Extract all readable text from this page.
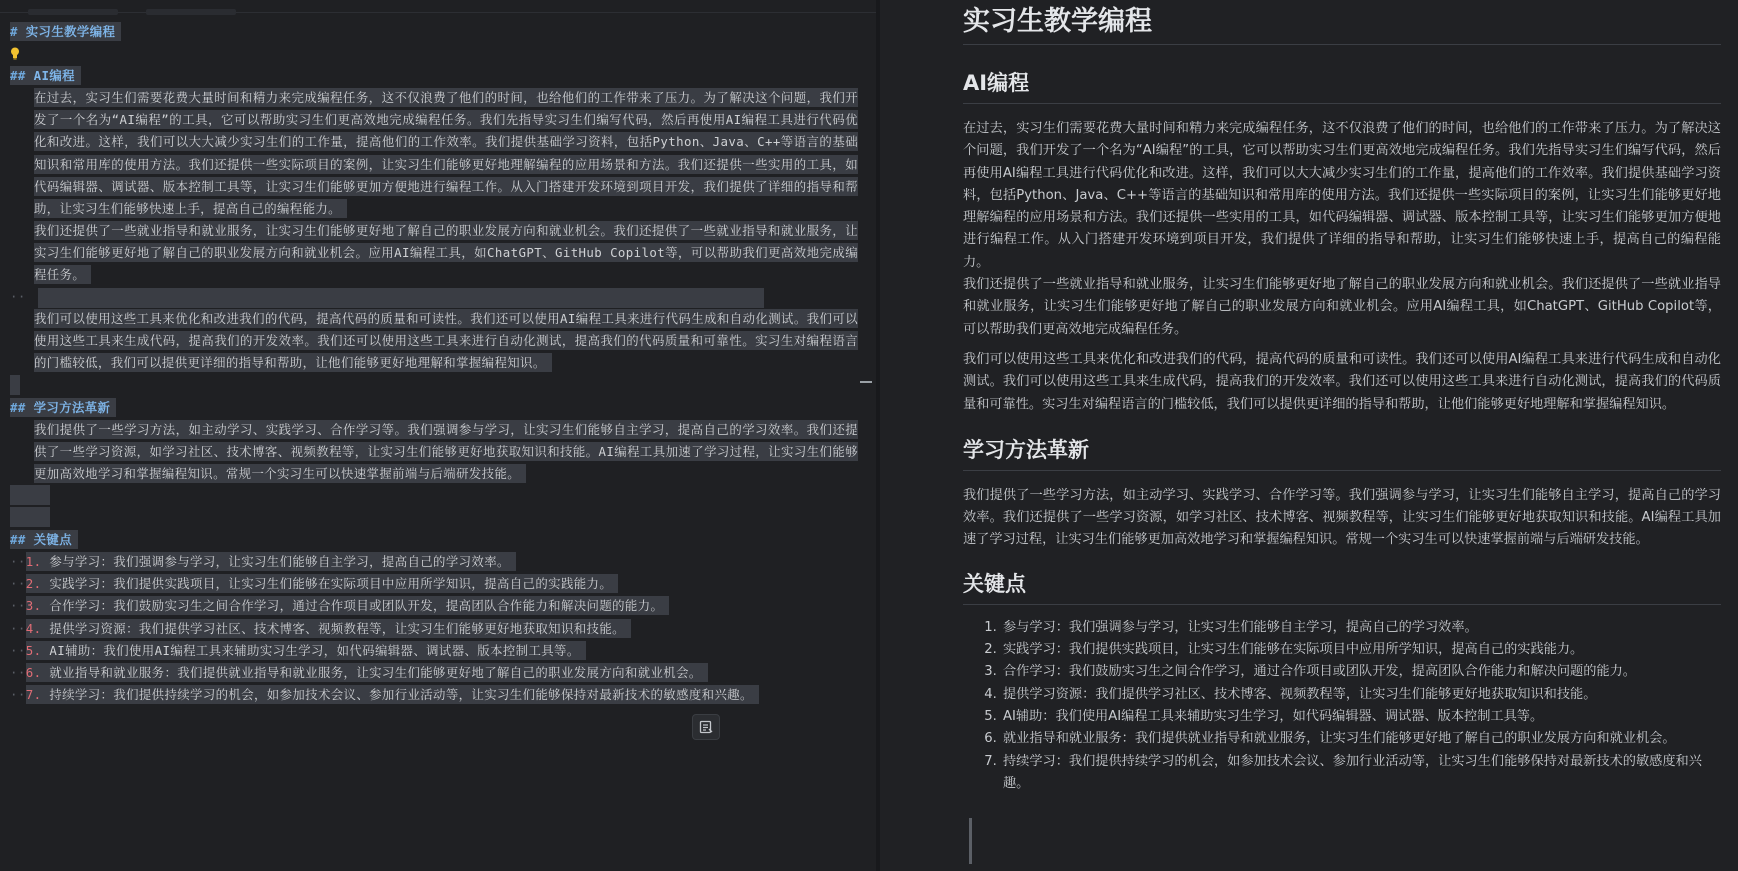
# 实习生教学编程
## AI编程
在过去，实习生们需要花费大量时间和精力来完成编程任务，这不仅浪费了他们的时间，也给他们的工作带来了压力。为了解决这个问题，我们开发了一个名为“AI编程”的工具，它可以帮助实习生们更高效地完成编程任务。我们先指导实习生们编写代码，然后再使用AI编程工具进行代码优化和改进。这样，我们可以大大减少实习生们的工作量，提高他们的工作效率。我们提供基础学习资料，包括Python、Java、C++等语言的基础知识和常用库的使用方法。我们还提供一些实际项目的案例，让实习生们能够更好地理解编程的应用场景和方法。我们还提供一些实用的工具，如代码编辑器、调试器、版本控制工具等，让实习生们能够更加方便地进行编程工作。从入门搭建开发环境到项目开发，我们提供了详细的指导和帮助，让实习生们能够快速上手，提高自己的编程能力。
我们还提供了一些就业指导和就业服务，让实习生们能够更好地了解自己的职业发展方向和就业机会。我们还提供了一些就业指导和就业服务，让实习生们能够更好地了解自己的职业发展方向和就业机会。应用AI编程工具，如ChatGPT、GitHub Copilot等，可以帮助我们更高效地完成编程任务。
··
我们可以使用这些工具来优化和改进我们的代码，提高代码的质量和可读性。我们还可以使用AI编程工具来进行代码生成和自动化测试。我们可以使用这些工具来生成代码，提高我们的开发效率。我们还可以使用这些工具来进行自动化测试，提高我们的代码质量和可靠性。实习生对编程语言的门槛较低，我们可以提供更详细的指导和帮助，让他们能够更好地理解和掌握编程知识。
## 学习方法革新
我们提供了一些学习方法，如主动学习、实践学习、合作学习等。我们强调参与学习，让实习生们能够自主学习，提高自己的学习效率。我们还提供了一些学习资源，如学习社区、技术博客、视频教程等，让实习生们能够更好地获取知识和技能。AI编程工具加速了学习过程，让实习生们能够更加高效地学习和掌握编程知识。常规一个实习生可以快速掌握前端与后端研发技能。
## 关键点
··1. 参与学习：我们强调参与学习，让实习生们能够自主学习，提高自己的学习效率。
··2. 实践学习：我们提供实践项目，让实习生们能够在实际项目中应用所学知识，提高自己的实践能力。
··3. 合作学习：我们鼓励实习生之间合作学习，通过合作项目或团队开发，提高团队合作能力和解决问题的能力。
··4. 提供学习资源：我们提供学习社区、技术博客、视频教程等，让实习生们能够更好地获取知识和技能。
··5. AI辅助：我们使用AI编程工具来辅助实习生学习，如代码编辑器、调试器、版本控制工具等。
··6. 就业指导和就业服务：我们提供就业指导和就业服务，让实习生们能够更好地了解自己的职业发展方向和就业机会。
··7. 持续学习：我们提供持续学习的机会，如参加技术会议、参加行业活动等，让实习生们能够保持对最新技术的敏感度和兴趣。
实习生教学编程
AI编程

在过去，实习生们需要花费大量时间和精力来完成编程任务，这不仅浪费了他们的时间，也给他们的工作带来了压力。为了解决这个问题，我们开发了一个名为“AI编程”的工具，它可以帮助实习生们更高效地完成编程任务。我们先指导实习生们编写代码，然后再使用AI编程工具进行代码优化和改进。这样，我们可以大大减少实习生们的工作量，提高他们的工作效率。我们提供基础学习资料，包括Python、Java、C++等语言的基础知识和常用库的使用方法。我们还提供一些实际项目的案例，让实习生们能够更好地理解编程的应用场景和方法。我们还提供一些实用的工具，如代码编辑器、调试器、版本控制工具等，让实习生们能够更加方便地进行编程工作。从入门搭建开发环境到项目开发，我们提供了详细的指导和帮助，让实习生们能够快速上手，提高自己的编程能力。

我们还提供了一些就业指导和就业服务，让实习生们能够更好地了解自己的职业发展方向和就业机会。我们还提供了一些就业指导和就业服务，让实习生们能够更好地了解自己的职业发展方向和就业机会。应用AI编程工具，如ChatGPT、GitHub Copilot等，可以帮助我们更高效地完成编程任务。

我们可以使用这些工具来优化和改进我们的代码，提高代码的质量和可读性。我们还可以使用AI编程工具来进行代码生成和自动化测试。我们可以使用这些工具来生成代码，提高我们的开发效率。我们还可以使用这些工具来进行自动化测试，提高我们的代码质量和可靠性。实习生对编程语言的门槛较低，我们可以提供更详细的指导和帮助，让他们能够更好地理解和掌握编程知识。

学习方法革新

我们提供了一些学习方法，如主动学习、实践学习、合作学习等。我们强调参与学习，让实习生们能够自主学习，提高自己的学习效率。我们还提供了一些学习资源，如学习社区、技术博客、视频教程等，让实习生们能够更好地获取知识和技能。AI编程工具加速了学习过程，让实习生们能够更加高效地学习和掌握编程知识。常规一个实习生可以快速掌握前端与后端研发技能。

关键点
1. 参与学习：我们强调参与学习，让实习生们能够自主学习，提高自己的学习效率。
2. 实践学习：我们提供实践项目，让实习生们能够在实际项目中应用所学知识，提高自己的实践能力。
3. 合作学习：我们鼓励实习生之间合作学习，通过合作项目或团队开发，提高团队合作能力和解决问题的能力。
4. 提供学习资源：我们提供学习社区、技术博客、视频教程等，让实习生们能够更好地获取知识和技能。
5. AI辅助：我们使用AI编程工具来辅助实习生学习，如代码编辑器、调试器、版本控制工具等。
6. 就业指导和就业服务：我们提供就业指导和就业服务，让实习生们能够更好地了解自己的职业发展方向和就业机会。
7. 持续学习：我们提供持续学习的机会，如参加技术会议、参加行业活动等，让实习生们能够保持对最新技术的敏感度和兴趣。
